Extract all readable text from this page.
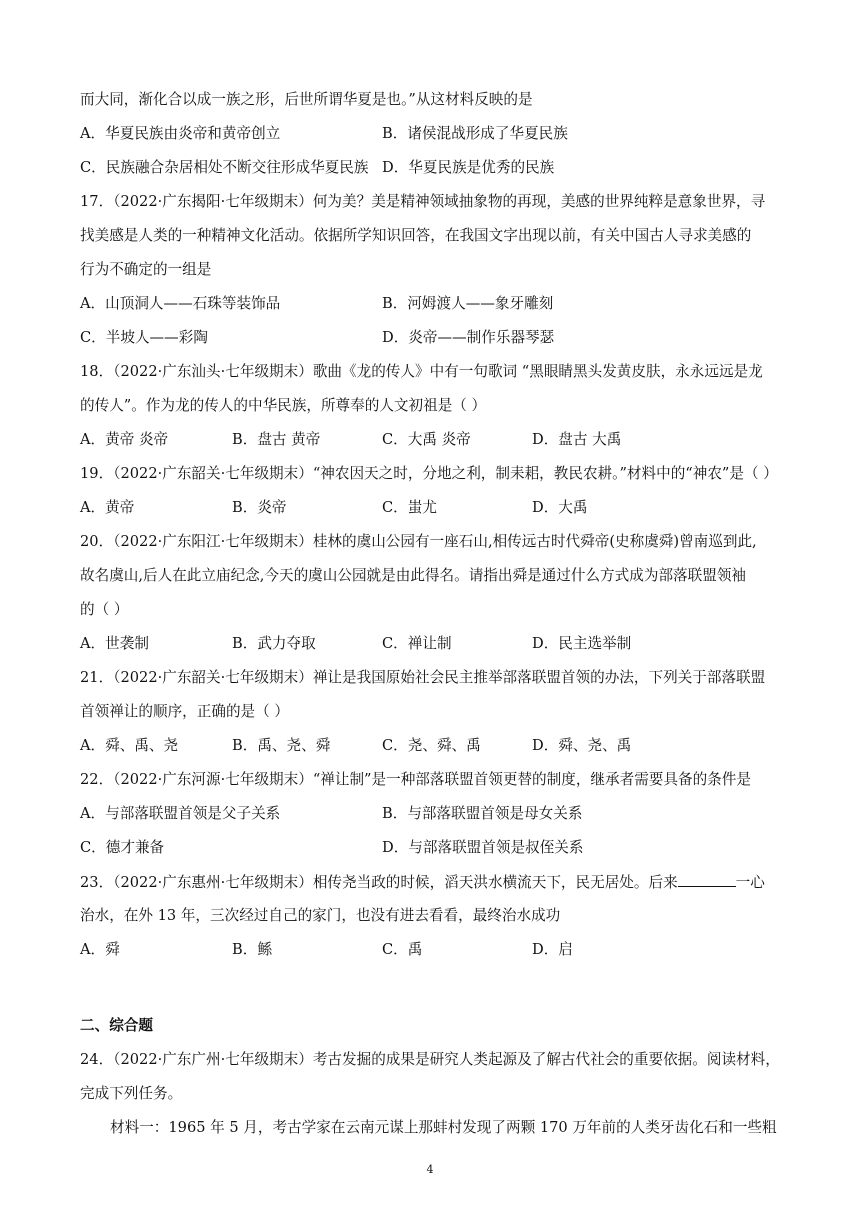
而大同，渐化合以成一族之形，后世所谓华夏是也。”从这材料反映的是
A．华夏民族由炎帝和黄帝创立	B．诸侯混战形成了华夏民族
C．民族融合杂居相处不断交往形成华夏民族 D．华夏民族是优秀的民族
17．（2022·广东揭阳·七年级期末）何为美？美是精神领域抽象物的再现，美感的世界纯粹是意象世界，寻
找美感是人类的一种精神文化活动。依据所学知识回答，在我国文字出现以前，有关中国古人寻求美感的
行为不确定的一组是
A．山顶洞人——石珠等装饰品	B．河姆渡人——象牙雕刻
C．半坡人——彩陶	D．炎帝——制作乐器琴瑟
18．（2022·广东汕头·七年级期末）歌曲《龙的传人》中有一句歌词 “黑眼睛黑头发黄皮肤，永永远远是龙
的传人”。作为龙的传人的中华民族，所尊奉的人文初祖是（ ）
A．黄帝 炎帝	B．盘古 黄帝	C．大禹 炎帝	D．盘古 大禹
19．（2022·广东韶关·七年级期末）“神农因天之时，分地之利，制耒耜，教民农耕。”材料中的“神农”是（ ）
A．黄帝	B．炎帝	C．蚩尤	D．大禹
20．（2022·广东阳江·七年级期末）桂林的虞山公园有一座石山,相传远古时代舜帝(史称虞舜)曾南巡到此,
故名虞山,后人在此立庙纪念,今天的虞山公园就是由此得名。请指出舜是通过什么方式成为部落联盟领袖
的（ ）
A．世袭制	B．武力夺取	C．禅让制	D．民主选举制
21．（2022·广东韶关·七年级期末）禅让是我国原始社会民主推举部落联盟首领的办法，下列关于部落联盟
首领禅让的顺序，正确的是（ ）
A．舜、禹、尧	B．禹、尧、舜	C．尧、舜、禹	D．舜、尧、禹
22．（2022·广东河源·七年级期末）“禅让制”是一种部落联盟首领更替的制度，继承者需要具备的条件是
A．与部落联盟首领是父子关系	B．与部落联盟首领是母女关系
C．德才兼备	D．与部落联盟首领是叔侄关系
23．（2022·广东惠州·七年级期末）相传尧当政的时候，滔天洪水横流天下，民无居处。后来	一心
治水，在外 13 年，三次经过自己的家门，也没有进去看看，最终治水成功
A．舜	B．鲧	C．禹	D．启
二、综合题
24．（2022·广东广州·七年级期末）考古发掘的成果是研究人类起源及了解古代社会的重要依据。阅读材料，
完成下列任务。
材料一：1965 年 5 月，考古学家在云南元谋上那蚌村发现了两颗 170 万年前的人类牙齿化石和一些粗
4
